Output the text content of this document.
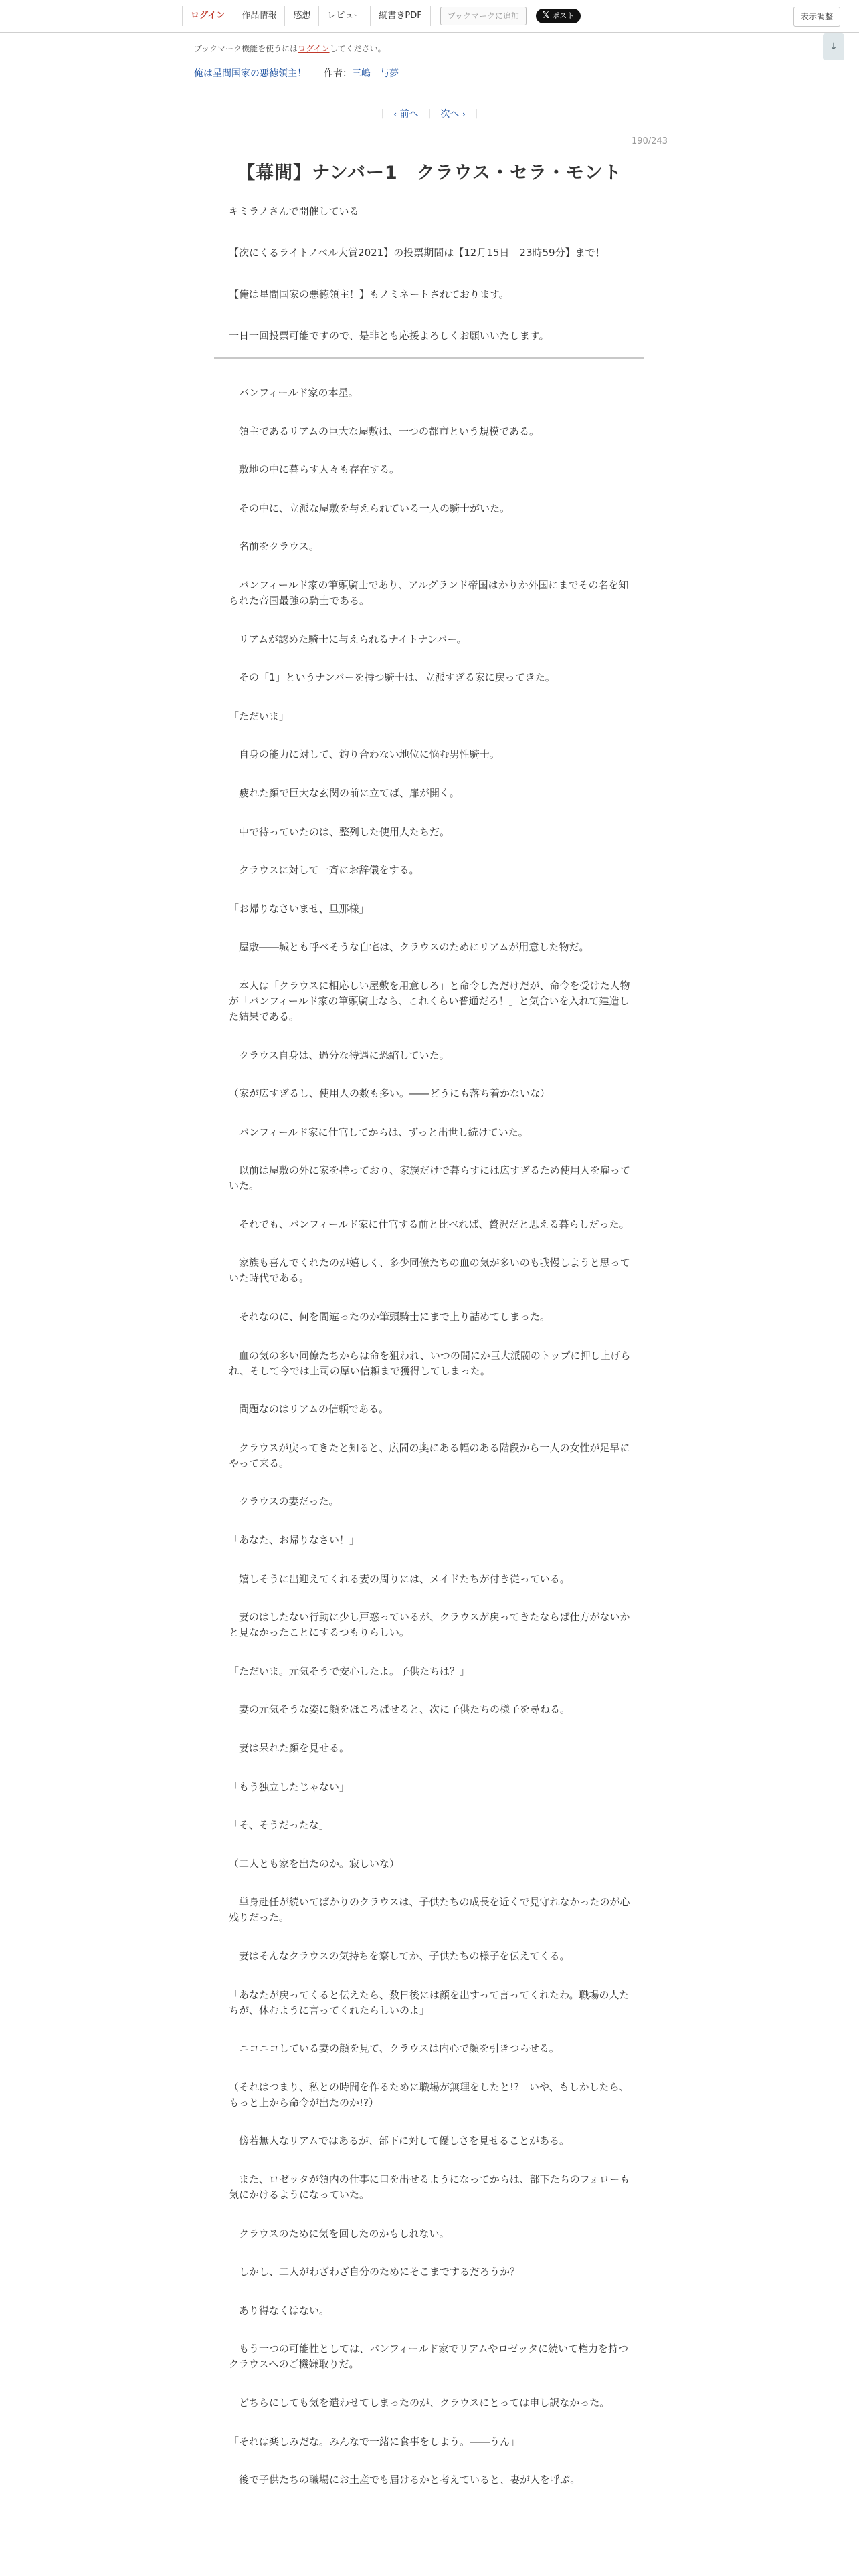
ログイン	作品情報	感想	レビュー	縦書きPDF	ブックマークに追加	𝕏 ポスト	表示調整
ブックマーク機能を使うにはログインしてください。	↓
俺は星間国家の悪徳領主！ 作者：三嶋　与夢
|	‹ 前へ	|	次へ ›	|
190/243
【幕間】ナンバー1　クラウス・セラ・モント

キミラノさんで開催している

【次にくるライトノベル大賞2021】の投票期間は【12月15日　23時59分】まで！

【俺は星間国家の悪徳領主！】もノミネートされております。

一日一回投票可能ですので、是非とも応援よろしくお願いいたします。

　バンフィールド家の本星。

　領主であるリアムの巨大な屋敷は、一つの都市という規模である。

　敷地の中に暮らす人々も存在する。

　その中に、立派な屋敷を与えられている一人の騎士がいた。

　名前をクラウス。

　バンフィールド家の筆頭騎士であり、アルグランド帝国はかりか外国にまでその名を知られた帝国最強の騎士である。

　リアムが認めた騎士に与えられるナイトナンバー。

　その「1」というナンバーを持つ騎士は、立派すぎる家に戻ってきた。

「ただいま」

　自身の能力に対して、釣り合わない地位に悩む男性騎士。

　疲れた顔で巨大な玄関の前に立てば、扉が開く。

　中で待っていたのは、整列した使用人たちだ。

　クラウスに対して一斉にお辞儀をする。

「お帰りなさいませ、旦那様」

　屋敷――城とも呼べそうな自宅は、クラウスのためにリアムが用意した物だ。

　本人は「クラウスに相応しい屋敷を用意しろ」と命令しただけだが、命令を受けた人物が「バンフィールド家の筆頭騎士なら、これくらい普通だろ！」と気合いを入れて建造した結果である。

　クラウス自身は、過分な待遇に恐縮していた。

（家が広すぎるし、使用人の数も多い。――どうにも落ち着かないな）

　バンフィールド家に仕官してからは、ずっと出世し続けていた。

　以前は屋敷の外に家を持っており、家族だけで暮らすには広すぎるため使用人を雇っていた。

　それでも、バンフィールド家に仕官する前と比べれば、贅沢だと思える暮らしだった。

　家族も喜んでくれたのが嬉しく、多少同僚たちの血の気が多いのも我慢しようと思っていた時代である。

　それなのに、何を間違ったのか筆頭騎士にまで上り詰めてしまった。

　血の気の多い同僚たちからは命を狙われ、いつの間にか巨大派閥のトップに押し上げられ、そして今では上司の厚い信頼まで獲得してしまった。

　問題なのはリアムの信頼である。

　クラウスが戻ってきたと知ると、広間の奥にある幅のある階段から一人の女性が足早にやって来る。

　クラウスの妻だった。

「あなた、お帰りなさい！」

　嬉しそうに出迎えてくれる妻の周りには、メイドたちが付き従っている。

　妻のはしたない行動に少し戸惑っているが、クラウスが戻ってきたならば仕方がないかと見なかったことにするつもりらしい。

「ただいま。元気そうで安心したよ。子供たちは？」

　妻の元気そうな姿に顔をほころばせると、次に子供たちの様子を尋ねる。

　妻は呆れた顔を見せる。

「もう独立したじゃない」

「そ、そうだったな」

（二人とも家を出たのか。寂しいな）

　単身赴任が続いてばかりのクラウスは、子供たちの成長を近くで見守れなかったのが心残りだった。

　妻はそんなクラウスの気持ちを察してか、子供たちの様子を伝えてくる。

「あなたが戻ってくると伝えたら、数日後には顔を出すって言ってくれたわ。職場の人たちが、休むように言ってくれたらしいのよ」

　ニコニコしている妻の顔を見て、クラウスは内心で顔を引きつらせる。

（それはつまり、私との時間を作るために職場が無理をしたと!?　いや、もしかしたら、もっと上から命令が出たのか!?）

　傍若無人なリアムではあるが、部下に対して優しさを見せることがある。

　また、ロゼッタが領内の仕事に口を出せるようになってからは、部下たちのフォローも気にかけるようになっていた。

　クラウスのために気を回したのかもしれない。

　しかし、二人がわざわざ自分のためにそこまでするだろうか？

　あり得なくはない。

　もう一つの可能性としては、バンフィールド家でリアムやロゼッタに続いて権力を持つクラウスへのご機嫌取りだ。

　どちらにしても気を遣わせてしまったのが、クラウスにとっては申し訳なかった。

「それは楽しみだな。みんなで一緒に食事をしよう。――うん」

　後で子供たちの職場にお土産でも届けるかと考えていると、妻が人を呼ぶ。
